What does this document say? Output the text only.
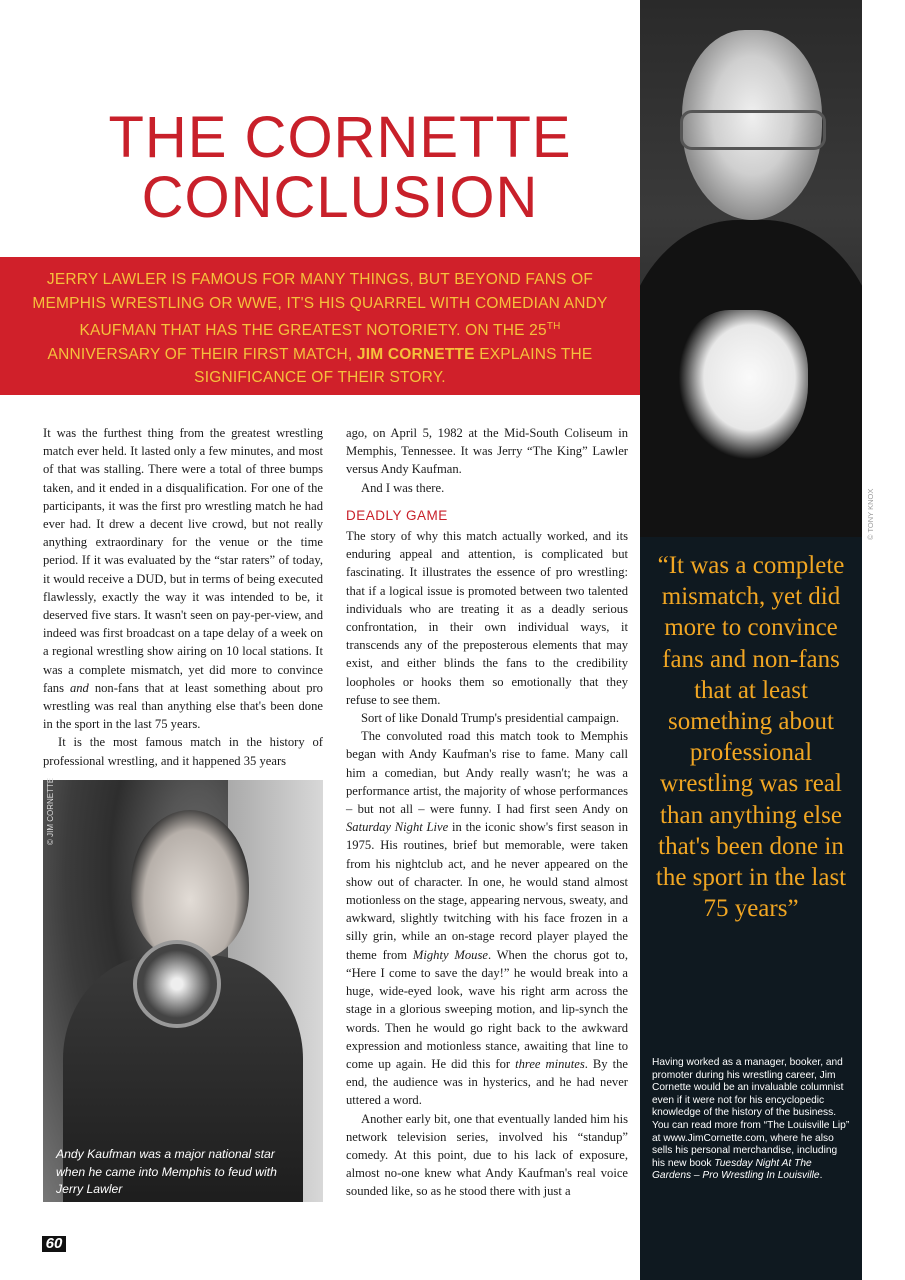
THE CORNETTE
CONCLUSION
JERRY LAWLER IS FAMOUS FOR MANY THINGS, BUT BEYOND FANS OF MEMPHIS WRESTLING OR WWE, IT'S HIS QUARREL WITH COMEDIAN ANDY KAUFMAN THAT HAS THE GREATEST NOTORIETY. ON THE 25TH ANNIVERSARY OF THEIR FIRST MATCH, JIM CORNETTE EXPLAINS THE SIGNIFICANCE OF THEIR STORY.

It was the furthest thing from the greatest wrestling match ever held. It lasted only a few minutes, and most of that was stalling. There were a total of three bumps taken, and it ended in a disqualification. For one of the participants, it was the first pro wrestling match he had ever had. It drew a decent live crowd, but not really anything extraordinary for the venue or the time period. If it was evaluated by the “star raters” of today, it would receive a DUD, but in terms of being executed flawlessly, exactly the way it was intended to be, it deserved five stars. It wasn't seen on pay-per-view, and indeed was first broadcast on a tape delay of a week on a regional wrestling show airing on 10 local stations. It was a complete mismatch, yet did more to convince fans and non-fans that at least something about pro wrestling was real than anything else that's been done in the sport in the last 75 years.

It is the most famous match in the history of professional wrestling, and it happened 35 years

© JIM CORNETTE
Andy Kaufman was a major national star when he came into Memphis to feud with Jerry Lawler

ago, on April 5, 1982 at the Mid-South Coliseum in Memphis, Tennessee. It was Jerry “The King” Lawler versus Andy Kaufman.

And I was there.

DEADLY GAME

The story of why this match actually worked, and its enduring appeal and attention, is complicated but fascinating. It illustrates the essence of pro wrestling: that if a logical issue is promoted between two talented individuals who are treating it as a deadly serious confrontation, in their own individual ways, it transcends any of the preposterous elements that may exist, and either blinds the fans to the credibility loopholes or hooks them so emotionally that they refuse to see them.

Sort of like Donald Trump's presidential campaign.

The convoluted road this match took to Memphis began with Andy Kaufman's rise to fame. Many call him a comedian, but Andy really wasn't; he was a performance artist, the majority of whose performances – but not all – were funny. I had first seen Andy on Saturday Night Live in the iconic show's first season in 1975. His routines, brief but memorable, were taken from his nightclub act, and he never appeared on the show out of character. In one, he would stand almost motionless on the stage, appearing nervous, sweaty, and awkward, slightly twitching with his face frozen in a silly grin, while an on-stage record player played the theme from Mighty Mouse. When the chorus got to, “Here I come to save the day!” he would break into a huge, wide-eyed look, wave his right arm across the stage in a glorious sweeping motion, and lip-synch the words. Then he would go right back to the awkward expression and motionless stance, awaiting that line to come up again. He did this for three minutes. By the end, the audience was in hysterics, and he had never uttered a word.

Another early bit, one that eventually landed him his network television series, involved his “standup” comedy. At this point, due to his lack of exposure, almost no-one knew what Andy Kaufman's real voice sounded like, so as he stood there with just a

© TONY KNOX
“It was a complete mismatch, yet did more to convince fans and non-fans that at least something about professional wrestling was real than anything else that's been done in the sport in the last 75 years”
Having worked as a manager, booker, and promoter during his wrestling career, Jim Cornette would be an invaluable columnist even if it were not for his encyclopedic knowledge of the history of the business. You can read more from “The Louisville Lip” at www.JimCornette.com, where he also sells his personal merchandise, including his new book Tuesday Night At The Gardens – Pro Wrestling In Louisville.
60
